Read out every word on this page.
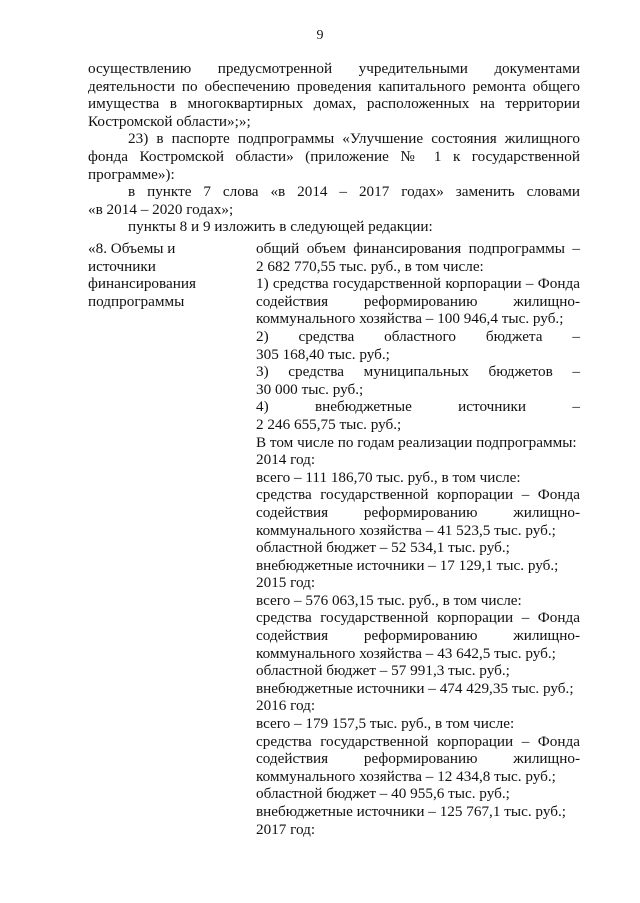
9
осуществлению предусмотренной учредительными документами
деятельности по обеспечению проведения капитального ремонта общего
имущества в многоквартирных домах, расположенных на территории
Костромской области»;»;
23) в паспорте подпрограммы «Улучшение состояния жилищного
фонда Костромской области» (приложение № 1 к государственной
программе»):
в пункте 7 слова «в 2014 – 2017 годах» заменить словами
«в 2014 – 2020 годах»;
пункты 8 и 9 изложить в следующей редакции:
«8. Объемы и
источники
финансирования
подпрограммы
общий объем финансирования подпрограммы –
2 682 770,55 тыс. руб., в том числе:
1) средства государственной корпорации – Фонда
содействия реформированию жилищно-
коммунального хозяйства – 100 946,4 тыс. руб.;
2) средства областного бюджета –
305 168,40 тыс. руб.;
3) средства муниципальных бюджетов –
30 000 тыс. руб.;
4) внебюджетные источники –
2 246 655,75 тыс. руб.;
В том числе по годам реализации подпрограммы:
2014 год:
всего – 111 186,70 тыс. руб., в том числе:
средства государственной корпорации – Фонда
содействия реформированию жилищно-
коммунального хозяйства – 41 523,5 тыс. руб.;
областной бюджет – 52 534,1 тыс. руб.;
внебюджетные источники – 17 129,1 тыс. руб.;
2015 год:
всего – 576 063,15 тыс. руб., в том числе:
средства государственной корпорации – Фонда
содействия реформированию жилищно-
коммунального хозяйства – 43 642,5 тыс. руб.;
областной бюджет – 57 991,3 тыс. руб.;
внебюджетные источники – 474 429,35 тыс. руб.;
2016 год:
всего – 179 157,5 тыс. руб., в том числе:
средства государственной корпорации – Фонда
содействия реформированию жилищно-
коммунального хозяйства – 12 434,8 тыс. руб.;
областной бюджет – 40 955,6 тыс. руб.;
внебюджетные источники – 125 767,1 тыс. руб.;
2017 год:
